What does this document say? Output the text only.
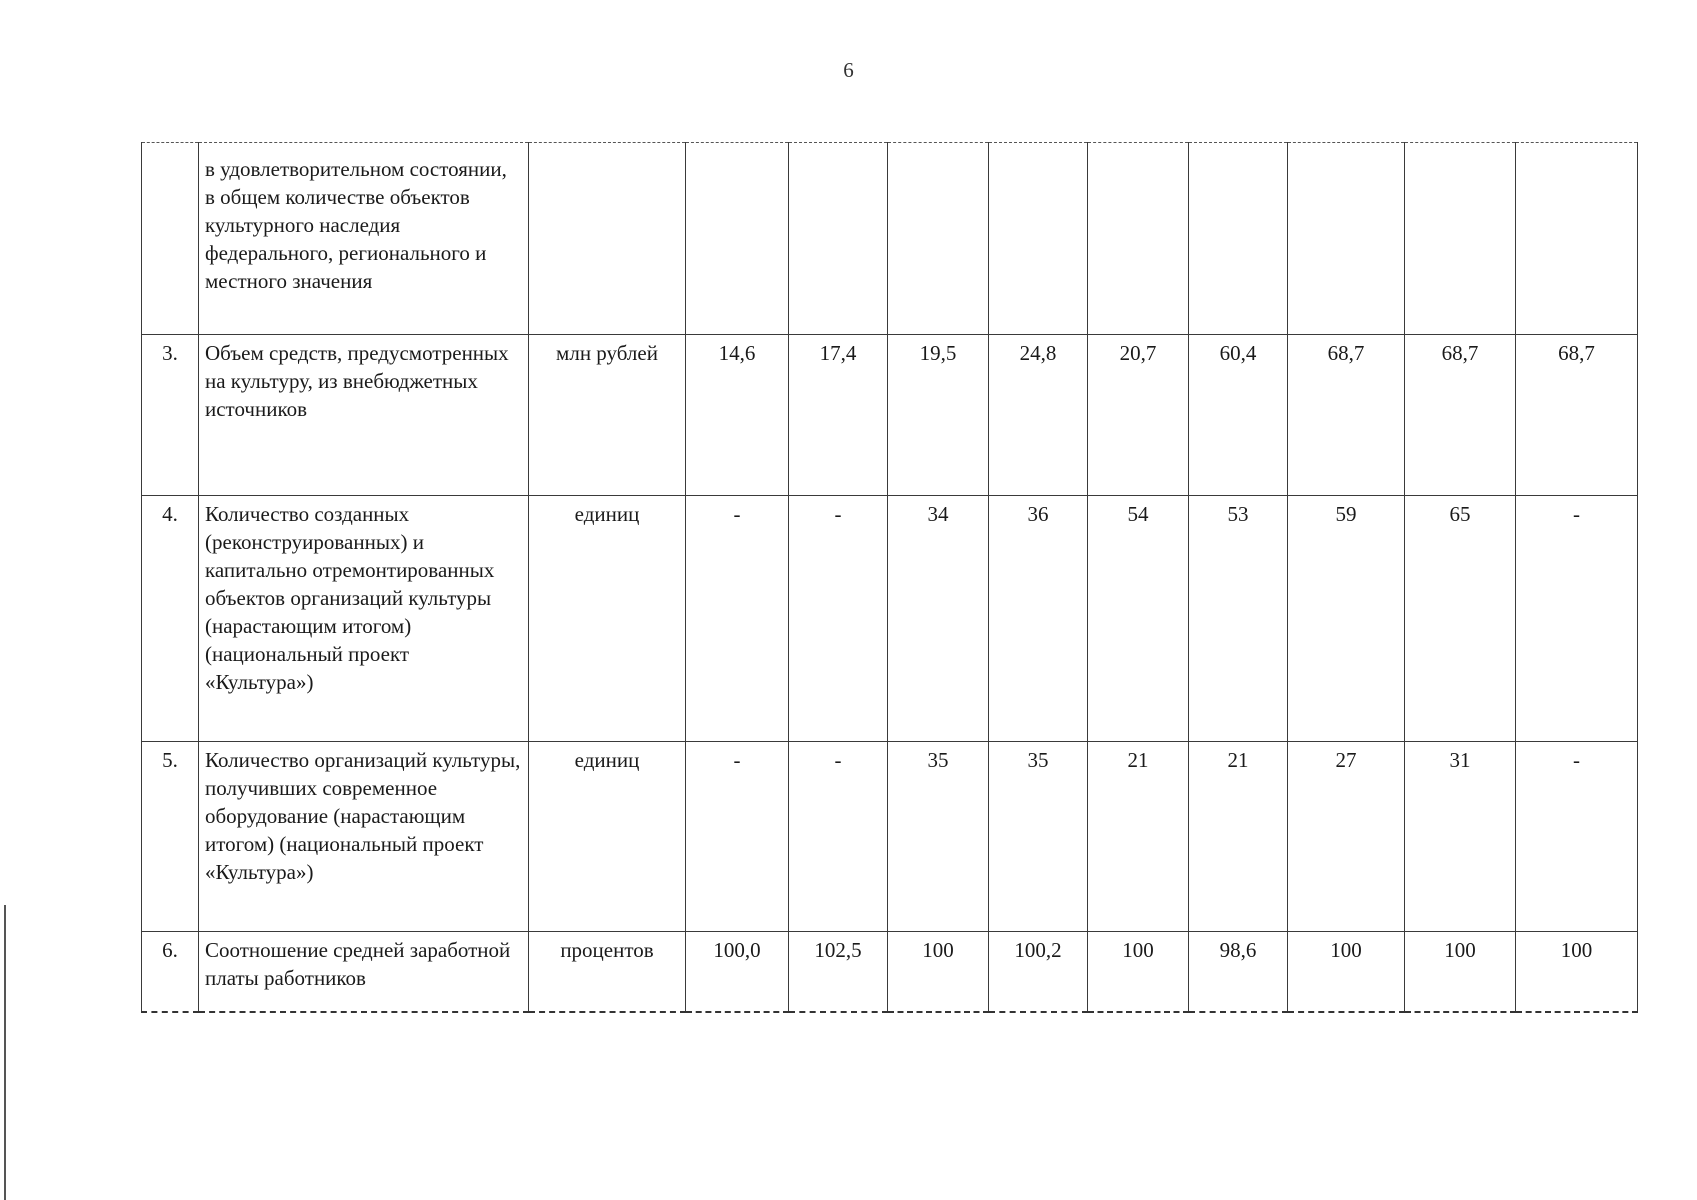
6
	в удовлетворительном состоянии, в общем количестве объектов культурного наследия федерального, регионального и местного значения										
3.	Объем средств, предусмотренных на культуру, из внебюджетных источников	млн рублей	14,6	17,4	19,5	24,8	20,7	60,4	68,7	68,7	68,7
4.	Количество созданных (реконструированных) и капитально отремонтированных объектов организаций культуры (нарастающим итогом) (национальный проект «Культура»)	единиц	-	-	34	36	54	53	59	65	-
5.	Количество организаций культуры, получивших современное оборудование (нарастающим итогом) (национальный проект «Культура»)	единиц	-	-	35	35	21	21	27	31	-
6.	Соотношение средней заработной платы работников	процентов	100,0	102,5	100	100,2	100	98,6	100	100	100
